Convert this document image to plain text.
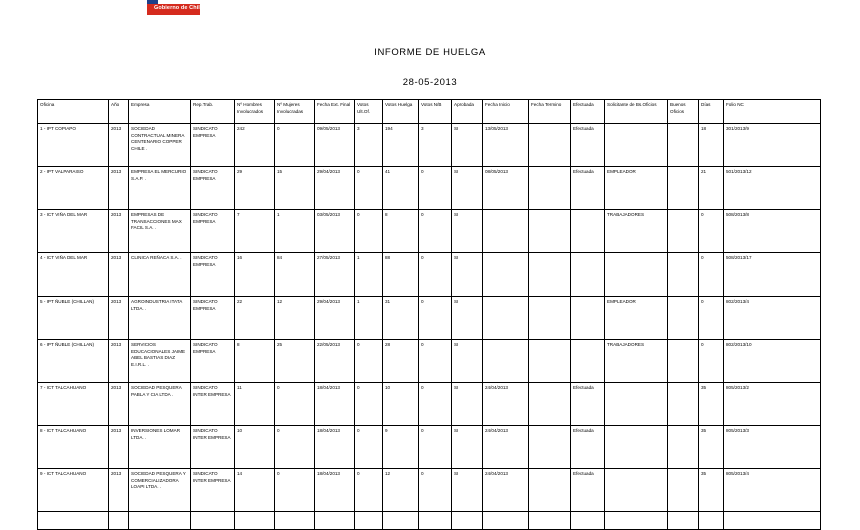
Gobierno de Chile
INFORME DE HUELGA
28-05-2013
Oficina	Año	Empresa	Rep.Trab.	Nº Hombres Involucrados	Nº Mujeres Involucradas	Fecha Ext. Final	Votos Ult.Of.	Votos Huelga	Votos N/B	Aprobada	Fecha Inicio	Fecha Termino	Efectuada	Solicitante de Bs.Oficios	Buenos Oficios	Días	Folio NC
1 - IPT COPIAPO	2013	SOCIEDAD CONTRACTUAL MINERA CENTENARIO COPPER CHILE .	SINDICATO EMPRESA	242	0	09/05/2013	3	194	3	SI	13/05/2013		Efectuada			18	301/2013/9
2 - IPT VALPARAISO	2013	EMPRESA EL MERCURIO S.A.P. .	SINDICATO EMPRESA	29	15	29/04/2013	0	41	0	SI	08/05/2013		Efectuada	EMPLEADOR		21	501/2013/12
3 - ICT VIÑA DEL MAR	2013	EMPRESAS DE TRANSACCIONES MAX FACIL S.A. .	SINDICATO EMPRESA	7	1	03/05/2013	0	8	0	SI				TRABAJADORES		0	508/2013/8
4 - ICT VIÑA DEL MAR	2013	CLINICA REÑACA S.A. .	SINDICATO EMPRESA	16	84	27/05/2013	1	88	0	SI						0	508/2013/17
5 - IPT ÑUBLE (CHILLAN)	2013	AGROINDUSTRIA ITATA LTDA. .	SINDICATO EMPRESA	22	12	29/04/2013	1	31	0	SI				EMPLEADOR		0	802/2013/4
6 - IPT ÑUBLE (CHILLAN)	2013	SERVICIOS EDUCACIONALES JAIME ABEL BASTIAS DIAZ E.I.R.L. .	SINDICATO EMPRESA	8	25	22/05/2013	0	28	0	SI				TRABAJADORES		0	802/2013/10
7 - ICT TALCAHUANO	2013	SOCIEDAD PESQUERA PABLA Y CIA LTDA .	SINDICATO INTER EMPRESA	11	0	18/04/2013	0	10	0	SI	24/04/2013		Efectuada			35	805/2013/2
8 - ICT TALCAHUANO	2013	INVERSIONES LOMAR LTDA. .	SINDICATO INTER EMPRESA	10	0	18/04/2013	0	9	0	SI	24/04/2013		Efectuada			35	805/2013/3
9 - ICT TALCAHUANO	2013	SOCIEDAD PESQUERA Y COMERCIALIZADORA LOAPI LTDA. .	SINDICATO INTER EMPRESA	14	0	18/04/2013	0	12	0	SI	24/04/2013		Efectuada			35	805/2013/4
